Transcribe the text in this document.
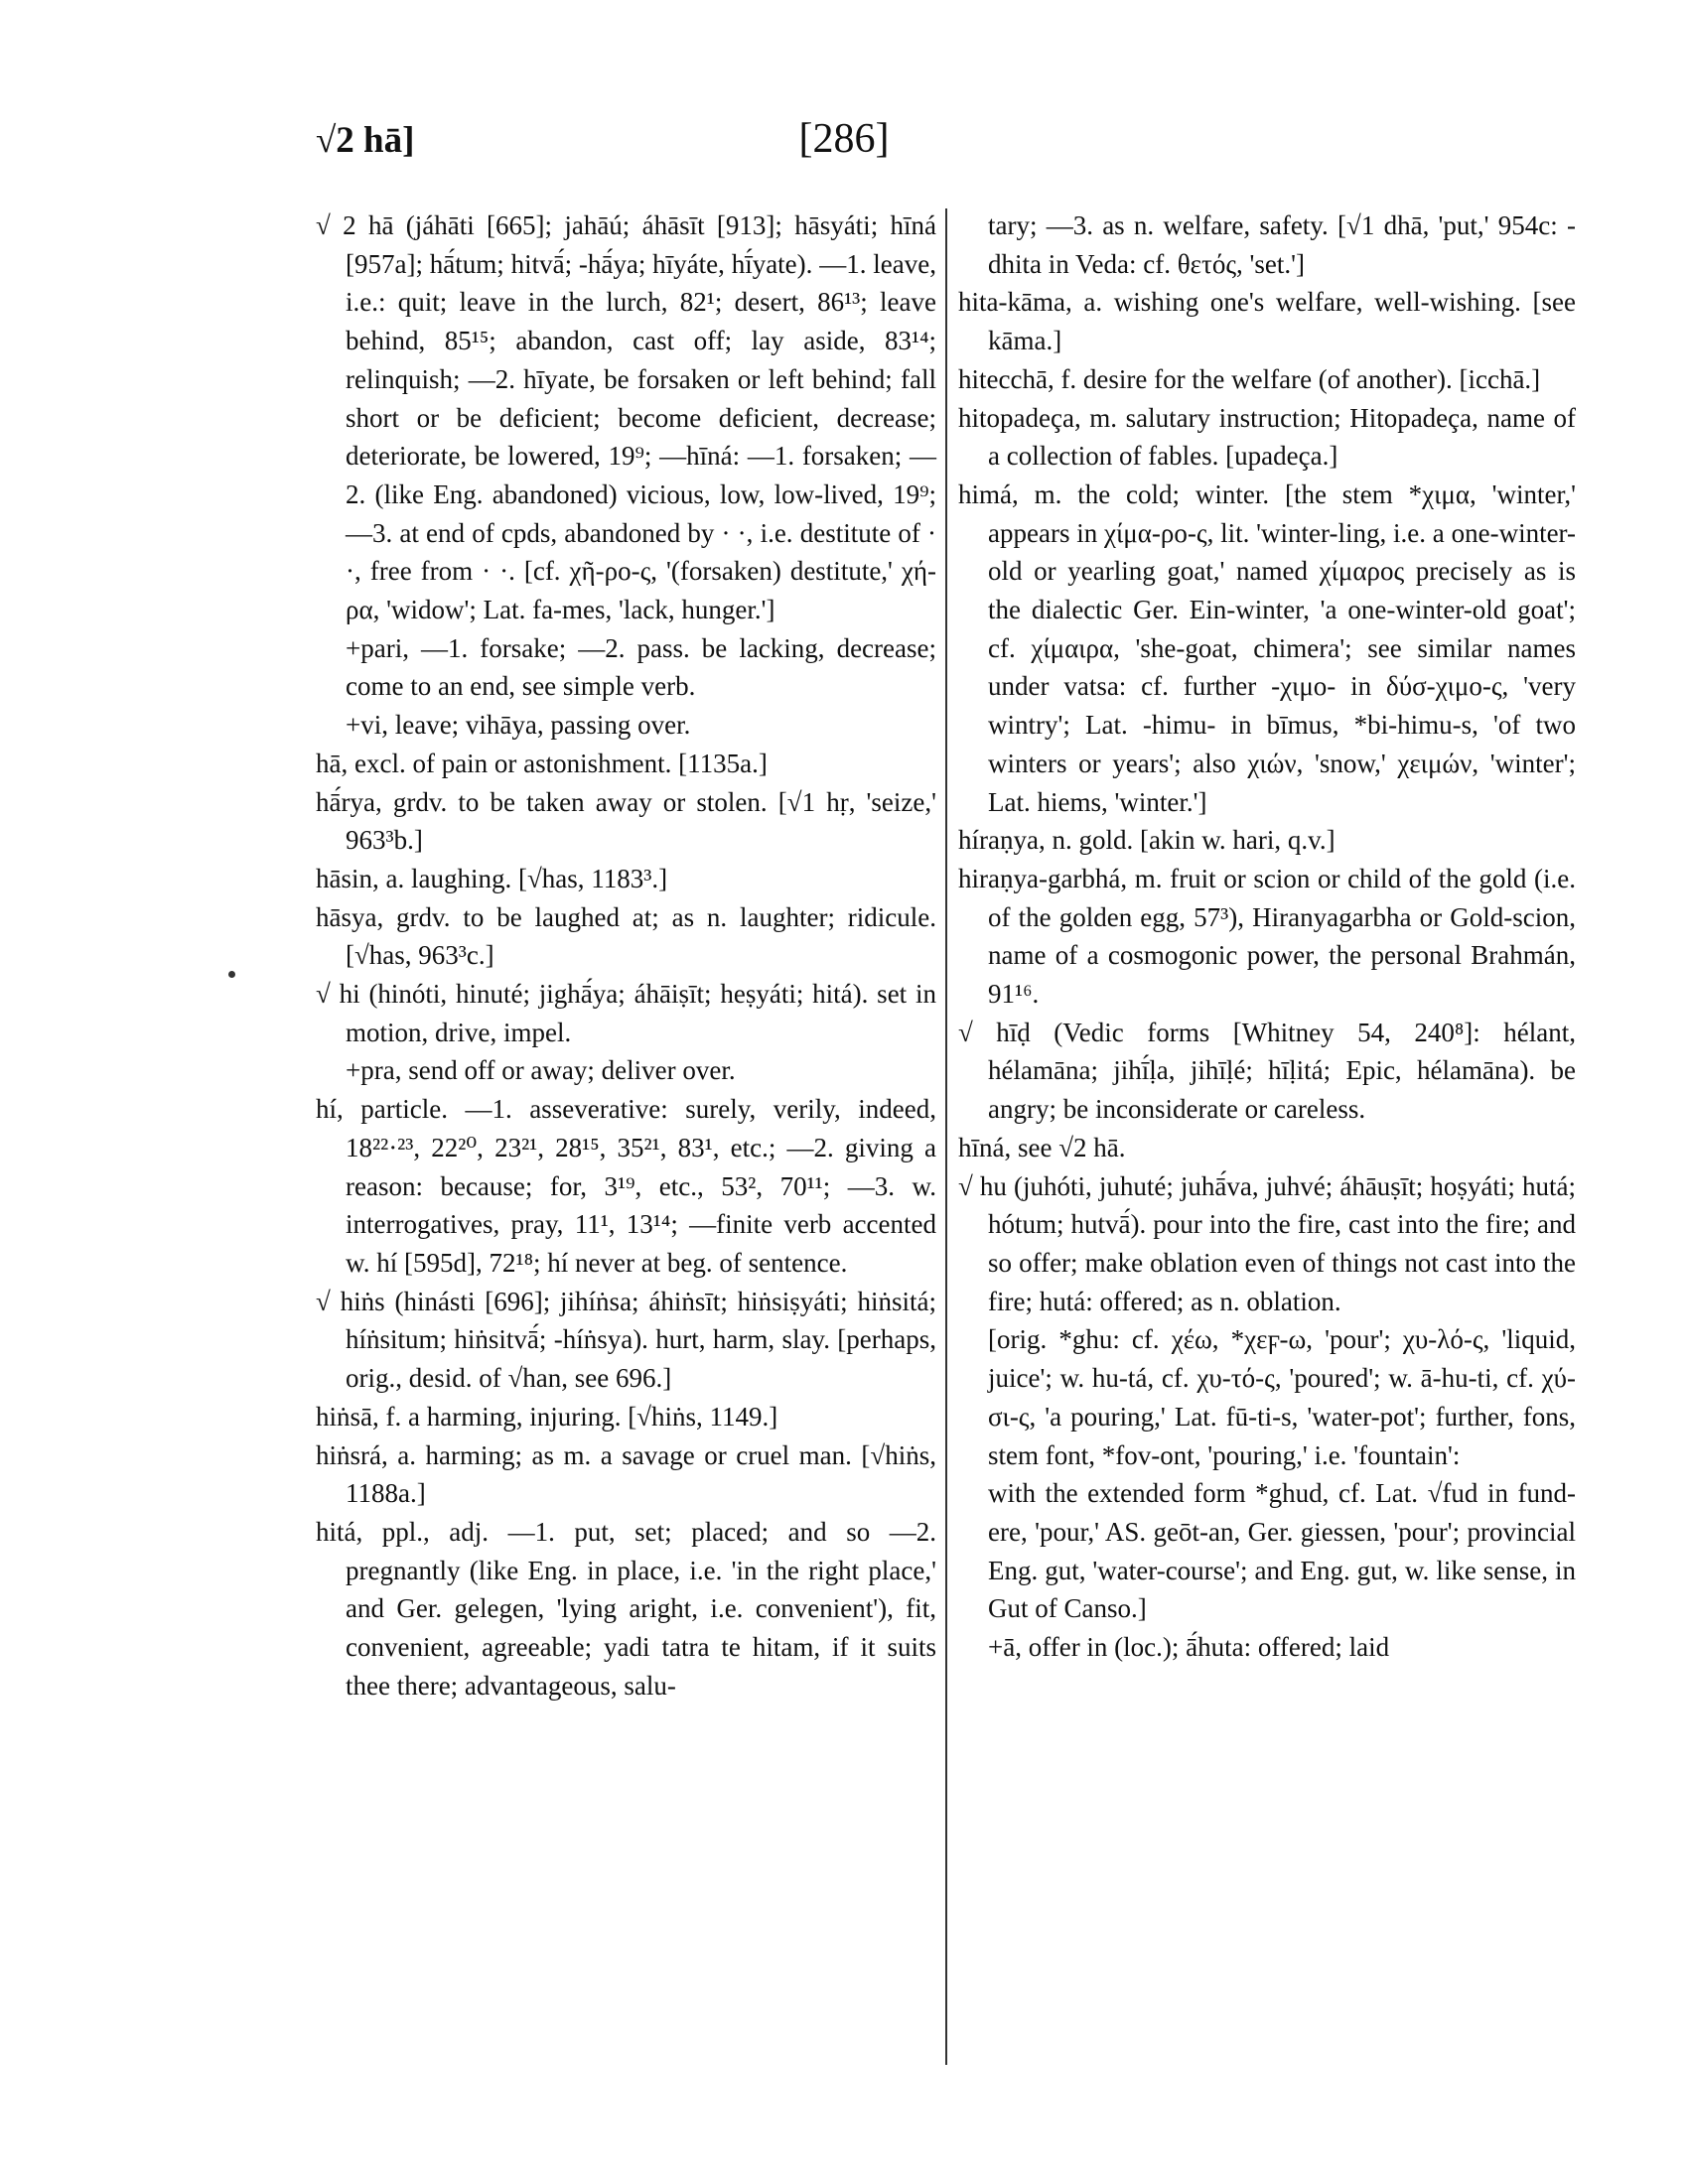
√2 hā]	[286]

√ 2 hā (jáhāti [665]; jahāú; áhāsīt [913]; hāsyáti; hīná [957a]; hā́tum; hitvā́; -hā́ya; hīyáte, hī́yate). —1. leave, i.e.: quit; leave in the lurch, 82¹; desert, 86¹³; leave behind, 85¹⁵; abandon, cast off; lay aside, 83¹⁴; relinquish; —2. hīyate, be forsaken or left behind; fall short or be deficient; become deficient, decrease; deteriorate, be lowered, 19⁹; —hīná: —1. forsaken; —2. (like Eng. abandoned) vicious, low, low-lived, 19⁹; —3. at end of cpds, abandoned by · ·, i.e. destitute of · ·, free from · ·. [cf. χῆ-ρο-ς, '(forsaken) destitute,' χή-ρα, 'widow'; Lat. fa-mes, 'lack, hunger.']

+pari, —1. forsake; —2. pass. be lacking, decrease; come to an end, see simple verb.

+vi, leave; vihāya, passing over.

hā, excl. of pain or astonishment. [1135a.]

hā́rya, grdv. to be taken away or stolen. [√1 hṛ, 'seize,' 963³b.]

hāsin, a. laughing. [√has, 1183³.]

hāsya, grdv. to be laughed at; as n. laughter; ridicule. [√has, 963³c.]

√ hi (hinóti, hinuté; jighā́ya; áhāiṣīt; heṣyáti; hitá). set in motion, drive, impel.

+pra, send off or away; deliver over.

hí, particle. —1. asseverative: surely, verily, indeed, 18²²·²³, 22²⁰, 23²¹, 28¹⁵, 35²¹, 83¹, etc.; —2. giving a reason: because; for, 3¹⁹, etc., 53², 70¹¹; —3. w. interrogatives, pray, 11¹, 13¹⁴; —finite verb accented w. hí [595d], 72¹⁸; hí never at beg. of sentence.

√ hiṅs (hinásti [696]; jihíṅsa; áhiṅsīt; hiṅsiṣyáti; hiṅsitá; híṅsitum; hiṅsitvā́; -híṅsya). hurt, harm, slay. [perhaps, orig., desid. of √han, see 696.]

hiṅsā, f. a harming, injuring. [√hiṅs, 1149.]

hiṅsrá, a. harming; as m. a savage or cruel man. [√hiṅs, 1188a.]

hitá, ppl., adj. —1. put, set; placed; and so —2. pregnantly (like Eng. in place, i.e. 'in the right place,' and Ger. gelegen, 'lying aright, i.e. convenient'), fit, convenient, agreeable; yadi tatra te hitam, if it suits thee there; advantageous, salu-

tary; —3. as n. welfare, safety. [√1 dhā, 'put,' 954c: -dhita in Veda: cf. θετός, 'set.']

hita-kāma, a. wishing one's welfare, well-wishing. [see kāma.]

hitecchā, f. desire for the welfare (of another). [icchā.]

hitopadeça, m. salutary instruction; Hitopadeça, name of a collection of fables. [upadeça.]

himá, m. the cold; winter. [the stem *χιμα, 'winter,' appears in χίμα-ρο-ς, lit. 'winter-ling, i.e. a one-winter-old or yearling goat,' named χίμαρος precisely as is the dialectic Ger. Ein-winter, 'a one-winter-old goat'; cf. χίμαιρα, 'she-goat, chimera'; see similar names under vatsa: cf. further -χιμο- in δύσ-χιμο-ς, 'very wintry'; Lat. -himu- in bīmus, *bi-himu-s, 'of two winters or years'; also χιών, 'snow,' χειμών, 'winter'; Lat. hiems, 'winter.']

híraṇya, n. gold. [akin w. hari, q.v.]

hiraṇya-garbhá, m. fruit or scion or child of the gold (i.e. of the golden egg, 57³), Hiranyagarbha or Gold-scion, name of a cosmogonic power, the personal Brahmán, 91¹⁶.

√ hīḍ (Vedic forms [Whitney 54, 240⁸]: hélant, hélamāna; jihī́ḷa, jihīḷé; hīḷitá; Epic, hélamāna). be angry; be inconsiderate or careless.

hīná, see √2 hā.

√ hu (juhóti, juhuté; juhā́va, juhvé; áhāuṣīt; hoṣyáti; hutá; hótum; hutvā́). pour into the fire, cast into the fire; and so offer; make oblation even of things not cast into the fire; hutá: offered; as n. oblation.

[orig. *ghu: cf. χέω, *χεϝ-ω, 'pour'; χυ-λό-ς, 'liquid, juice'; w. hu-tá, cf. χυ-τό-ς, 'poured'; w. ā-hu-ti, cf. χύ-σι-ς, 'a pouring,' Lat. fū-ti-s, 'water-pot'; further, fons, stem font, *fov-ont, 'pouring,' i.e. 'fountain':

with the extended form *ghud, cf. Lat. √fud in fund-ere, 'pour,' AS. geōt-an, Ger. giessen, 'pour'; provincial Eng. gut, 'water-course'; and Eng. gut, w. like sense, in Gut of Canso.]

+ā, offer in (loc.); ā́huta: offered; laid
